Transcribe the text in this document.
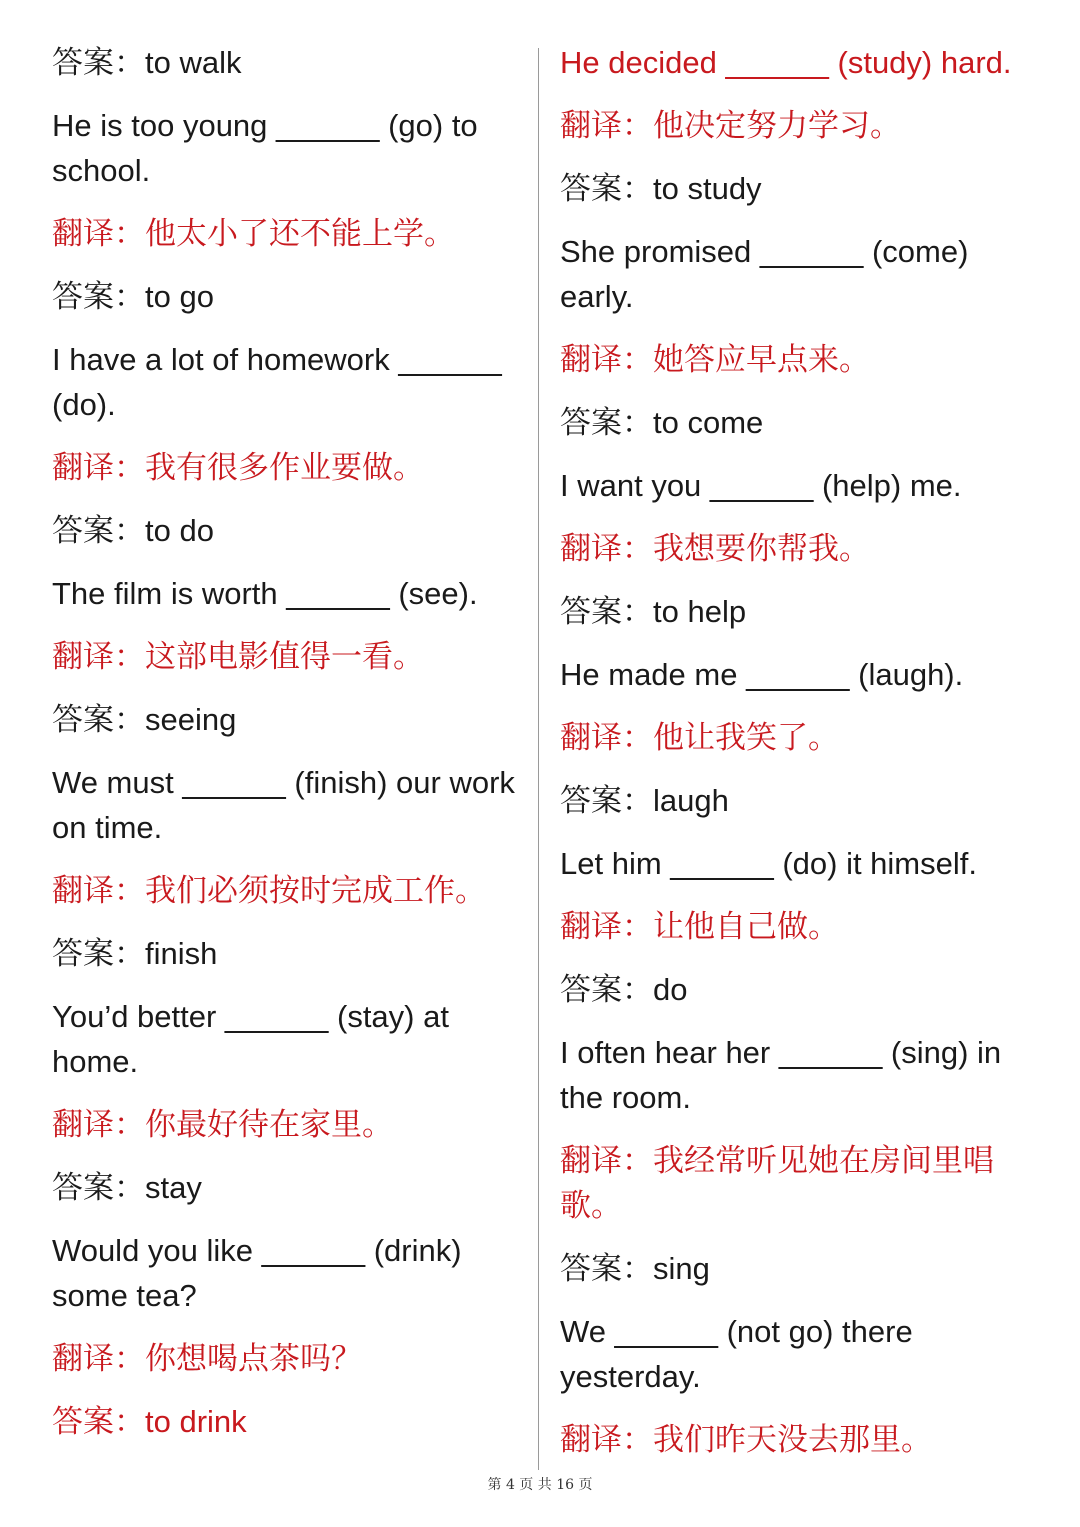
答案：to walk

He is too young ______ (go) to school.

翻译：他太小了还不能上学。

答案：to go

I have a lot of homework ______ (do).

翻译：我有很多作业要做。

答案：to do

The film is worth ______ (see).

翻译：这部电影值得一看。

答案：seeing

We must ______ (finish) our work on time.

翻译：我们必须按时完成工作。

答案：finish

You’d better ______ (stay) at home.

翻译：你最好待在家里。

答案：stay

Would you like ______ (drink) some tea?

翻译：你想喝点茶吗？

答案：to drink

He decided ______ (study) hard.

翻译：他决定努力学习。

答案：to study

She promised ______ (come) early.

翻译：她答应早点来。

答案：to come

I want you ______ (help) me.

翻译：我想要你帮我。

答案：to help

He made me ______ (laugh).

翻译：他让我笑了。

答案：laugh

Let him ______ (do) it himself.

翻译：让他自己做。

答案：do

I often hear her ______ (sing) in the room.

翻译：我经常听见她在房间里唱歌。

答案：sing

We ______ (not go) there yesterday.

翻译：我们昨天没去那里。

第 4 页 共 16 页
